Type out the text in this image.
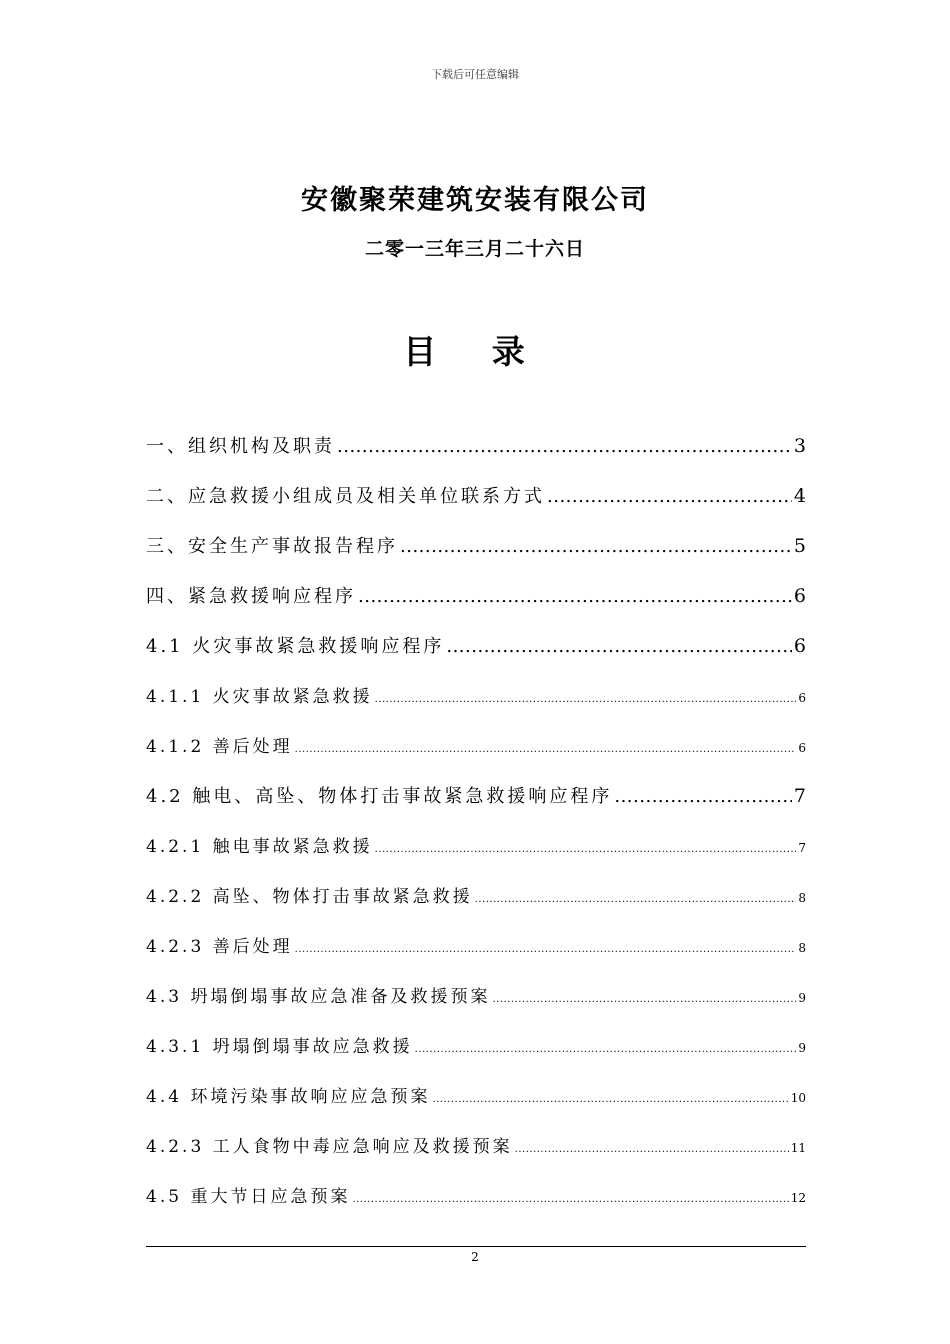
下载后可任意编辑
安徽聚荣建筑安装有限公司
二零一三年三月二十六日
目 录
一、组织机构及职责 .....	3
二、应急救援小组成员及相关单位联系方式 .....	4
三、安全生产事故报告程序 .....	5
四、紧急救援响应程序 .....	6
4.1 火灾事故紧急救援响应程序 .....	6
4.1.1 火灾事故紧急救援 .....	6
4.1.2 善后处理 .....	6
4.2 触电、高坠、物体打击事故紧急救援响应程序 .....	7
4.2.1 触电事故紧急救援 .....	7
4.2.2 高坠、物体打击事故紧急救援 .....	8
4.2.3 善后处理 .....	8
4.3 坍塌倒塌事故应急准备及救援预案 .....	9
4.3.1 坍塌倒塌事故应急救援 .....	9
4.4 环境污染事故响应应急预案 .....	10
4.2.3 工人食物中毒应急响应及救援预案 .....	11
4.5 重大节日应急预案 .....	12
2
